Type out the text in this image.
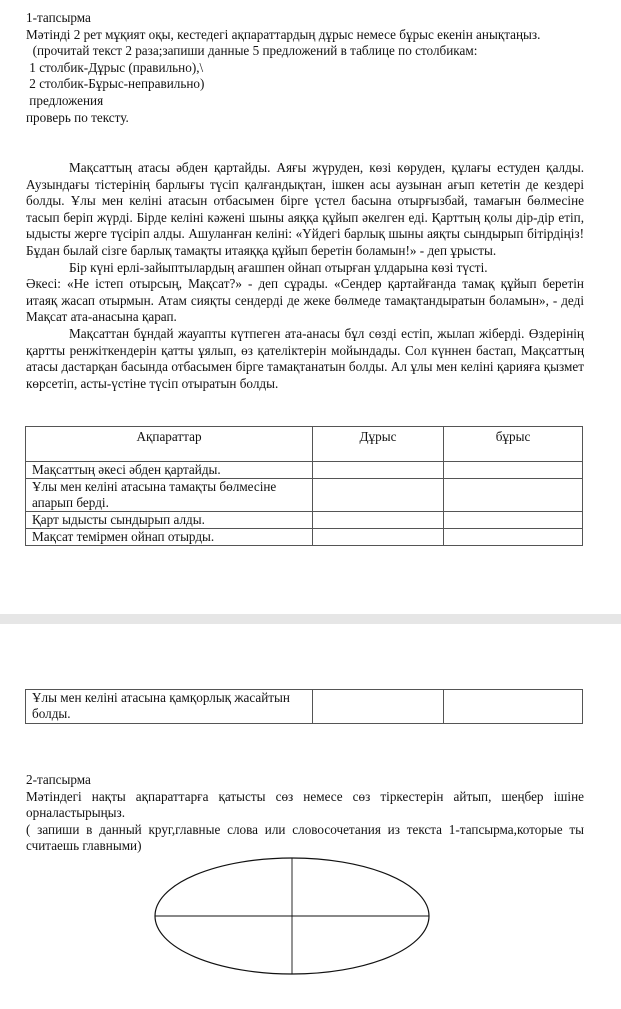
1-тапсырма

Мәтінді 2 рет мұқият оқы, кестедегі ақпараттардың дұрыс немесе бұрыс екенін анықтаңыз.

(прочитай текст 2 раза;запиши данные 5 предложений в таблице по столбикам:

1 столбик-Дұрыс (правильно),\

2 столбик-Бұрыс-неправильно)

предложения

проверь по тексту.

Мақсаттың атасы әбден қартайды. Аяғы жүруден, көзі көруден, құлағы естуден қалды. Аузындағы тістерінің барлығы түсіп қалғандықтан, ішкен асы аузынан ағып кететін де кездері болды. Ұлы мен келіні атасын отбасымен бірге үстел басына отырғызбай, тамағын бөлмесіне тасып беріп жүрді. Бірде келіні кәжені шыны аяққа құйып әкелген еді. Қарттың қолы дір-дір етіп, ыдысты жерге түсіріп алды. Ашуланған келіні: «Үйдегі барлық шыны аяқты сындырып бітірдіңіз! Бұдан былай сізге барлық тамақты итаяққа құйып беретін боламын!» - деп ұрысты.

Бір күні ерлі-зайыптылардың ағашпен ойнап отырған ұлдарына көзі түсті.

Әкесі: «Не істеп отырсың, Мақсат?» - деп сұрады. «Сендер қартайғанда тамақ құйып беретін итаяқ жасап отырмын. Атам сияқты сендерді де жеке бөлмеде тамақтандыратын боламын», - деді Мақсат ата-анасына қарап.

Мақсаттан бұндай жауапты күтпеген ата-анасы бұл сөзді естіп, жылап жіберді. Өздерінің қартты ренжіткендерін қатты ұялып, өз қателіктерін мойындады. Сол күннен бастап, Мақсаттың атасы дастарқан басында отбасымен бірге тамақтанатын болды. Ал ұлы мен келіні қарияға қызмет көрсетіп, асты-үстіне түсіп отыратын болды.

Ақпараттар	Дұрыс	бұрыс
Мақсаттың әкесі әбден қартайды.		
Ұлы мен келіні атасына тамақты бөлмесіне апарып берді.		
Қарт ыдысты сындырып алды.		
Мақсат темірмен ойнап отырды.		
Ұлы мен келіні атасына қамқорлық жасайтын болды.		

2-тапсырма

Мәтіндегі нақты ақпараттарға қатысты сөз немесе сөз тіркестерін айтып, шеңбер ішіне орналастырыңыз.

( запиши в данный круг,главные слова или словосочетания из текста 1-тапсырма,которые ты считаешь главными)
